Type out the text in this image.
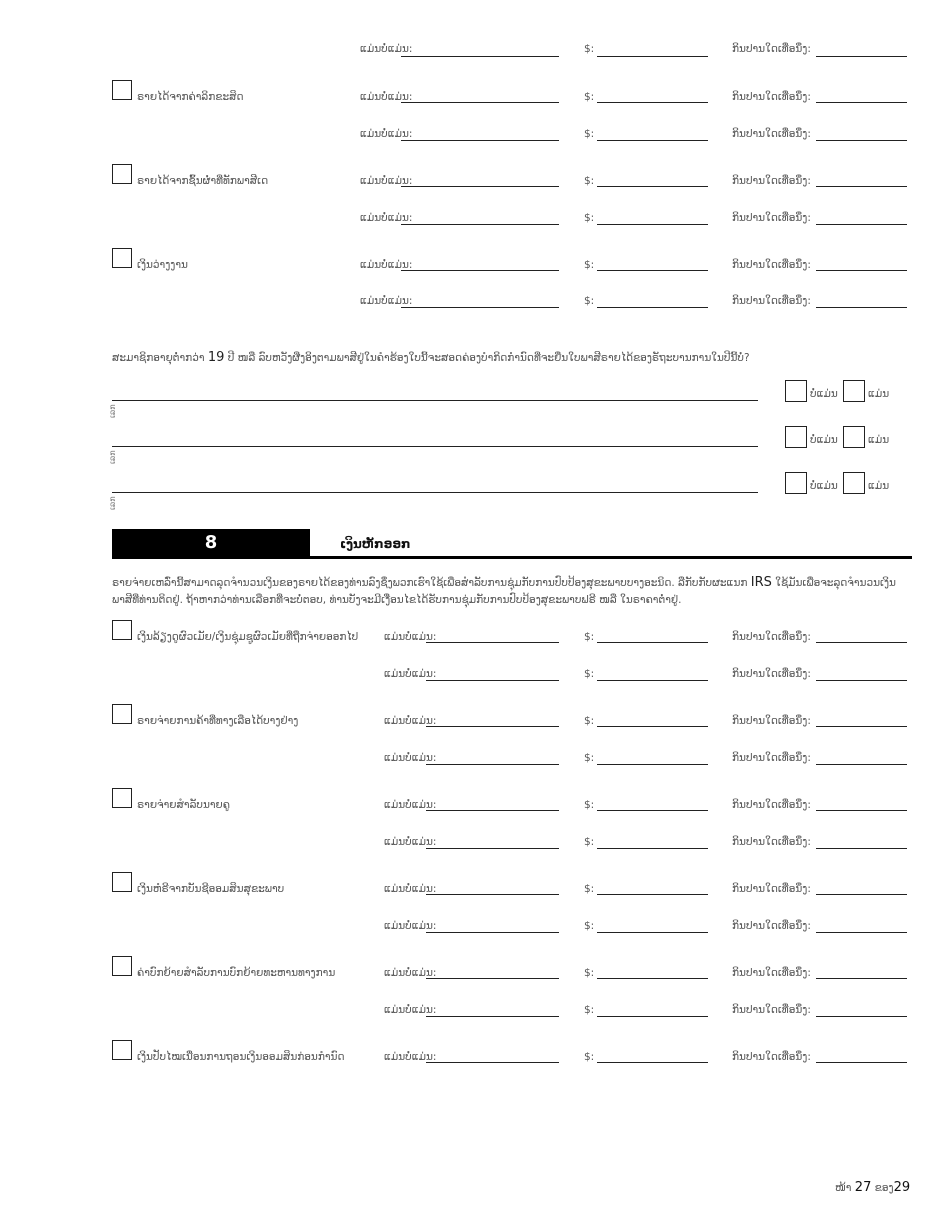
ແມ່ນບໍ່ແມ່ນ:	$:	ກິນປານໃດເທື່ອນຶ່ງ:
ຣາຍໄດ້ຈາກຄ່າລິກຂະສິດ	ແມ່ນບໍ່ແມ່ນ:	$:	ກິນປານໃດເທື່ອນຶ່ງ:
ແມ່ນບໍ່ແມ່ນ:	$:	ກິນປານໃດເທື່ອນຶ່ງ:
ຣາຍໄດ້ຈາກຊົ້ນຜ່ຳທີ່ທັກພາສີເດ	ແມ່ນບໍ່ແມ່ນ:	$:	ກິນປານໃດເທື່ອນຶ່ງ:
ແມ່ນບໍ່ແມ່ນ:	$:	ກິນປານໃດເທື່ອນຶ່ງ:
ເງິນວ່າງງານ	ແມ່ນບໍ່ແມ່ນ:	$:	ກິນປານໃດເທື່ອນຶ່ງ:
ແມ່ນບໍ່ແມ່ນ:	$:	ກິນປານໃດເທື່ອນຶ່ງ:
ສະມາຊິກອາຍຸຕ່ຳກວ່າ 19 ປີ ໜລື ລົບຫວັງຜີ່ງອິງຕາມພາສີຢູ່ໃນຄຳຮ້ອງໃບນີ້ຈະສອດຄ່ອງບຳກິດກຳນົດທີ່ຈະຍື່ນໃບພາສີຣາຍໄດ້ຂອງຣັຖະບານການໃນປີນີ້ບໍ່?
ເລກ
ບໍ່ແມ່ນ	ແມ່ນ
ເລກ
ບໍ່ແມ່ນ	ແມ່ນ
ເລກ
ບໍ່ແມ່ນ	ແມ່ນ
8	ເງິນຫັກອອກ
ຣາຍຈ່າຍເຫລົ່ານີ້ສາມາດລຸດຈຳນວນເງິນຂອງຣາຍໄດ້ຂອງທ່ານລົງຊຶ່ງພວກເຮົາໃຊ້ເພື່ອສຳລັບການຊຸ່ມກັບການປົບປ້ອງສຸຂະພາບບາງອະນິດ. ລືກັບກັບຜະແນກ IRS ໃຊ້ມັນເພື່ອຈະລຸດຈຳນວນເງິນ
ພາສີທີ່ທ່ານຕິດຢູ່. ຖ້າຫາກວ່າທ່ານເລືອກທີ່ຈະບໍ່ຕອບ, ທ່ານບັງຈະມີເງື່ອນໄຂໄດ້ຮັບການຊຸ່ມກັບການປົບປ້ອງສຸຂະພາບຟຣີ ໜລື ໃນຣາຄາຕ່ຳຢູ່.
ເງິນລ້ຽງດູຜົວເມັຍ/ເງິນຊຸ່ມຊູຜົວເມັຍທີ່ຖືກຈ່າຍອອກໄປ ແມ່ນບໍ່ແມ່ນ:	$:	ກິນປານໃດເທື່ອນຶ່ງ:
ແມ່ນບໍ່ແມ່ນ:	$:	ກິນປານໃດເທື່ອນຶ່ງ:
ຣາຍຈ່າຍການຄ້າທີ່ທາງເລືອໄດ້ບາງຢ່າງ	ແມ່ນບໍ່ແມ່ນ:	$:	ກິນປານໃດເທື່ອນຶ່ງ:
ແມ່ນບໍ່ແມ່ນ:	$:	ກິນປານໃດເທື່ອນຶ່ງ:
ຣາຍຈ່າຍສຳລັບນາຍຄູ	ແມ່ນບໍ່ແມ່ນ:	$:	ກິນປານໃດເທື່ອນຶ່ງ:
ແມ່ນບໍ່ແມ່ນ:	$:	ກິນປານໃດເທື່ອນຶ່ງ:
ເງິນຫໍຣີຈາກບັນຊີອອມສິນສຸຂະພາບ	ແມ່ນບໍ່ແມ່ນ:	$:	ກິນປານໃດເທື່ອນຶ່ງ:
ແມ່ນບໍ່ແມ່ນ:	$:	ກິນປານໃດເທື່ອນຶ່ງ:
ຄ່າບົກຍ້າຍສຳລັບການບົກຍ້າຍທະຫານທາງການ	ແມ່ນບໍ່ແມ່ນ:	$:	ກິນປານໃດເທື່ອນຶ່ງ:
ແມ່ນບໍ່ແມ່ນ:	$:	ກິນປານໃດເທື່ອນຶ່ງ:
ເງິນປັບໄໝເນື່ອນການຖອນເງິນອອມສິນກ່ອນກຳນົດ	ແມ່ນບໍ່ແມ່ນ:	$:	ກິນປານໃດເທື່ອນຶ່ງ:
ໜ້າ 27 ຂອງ29
